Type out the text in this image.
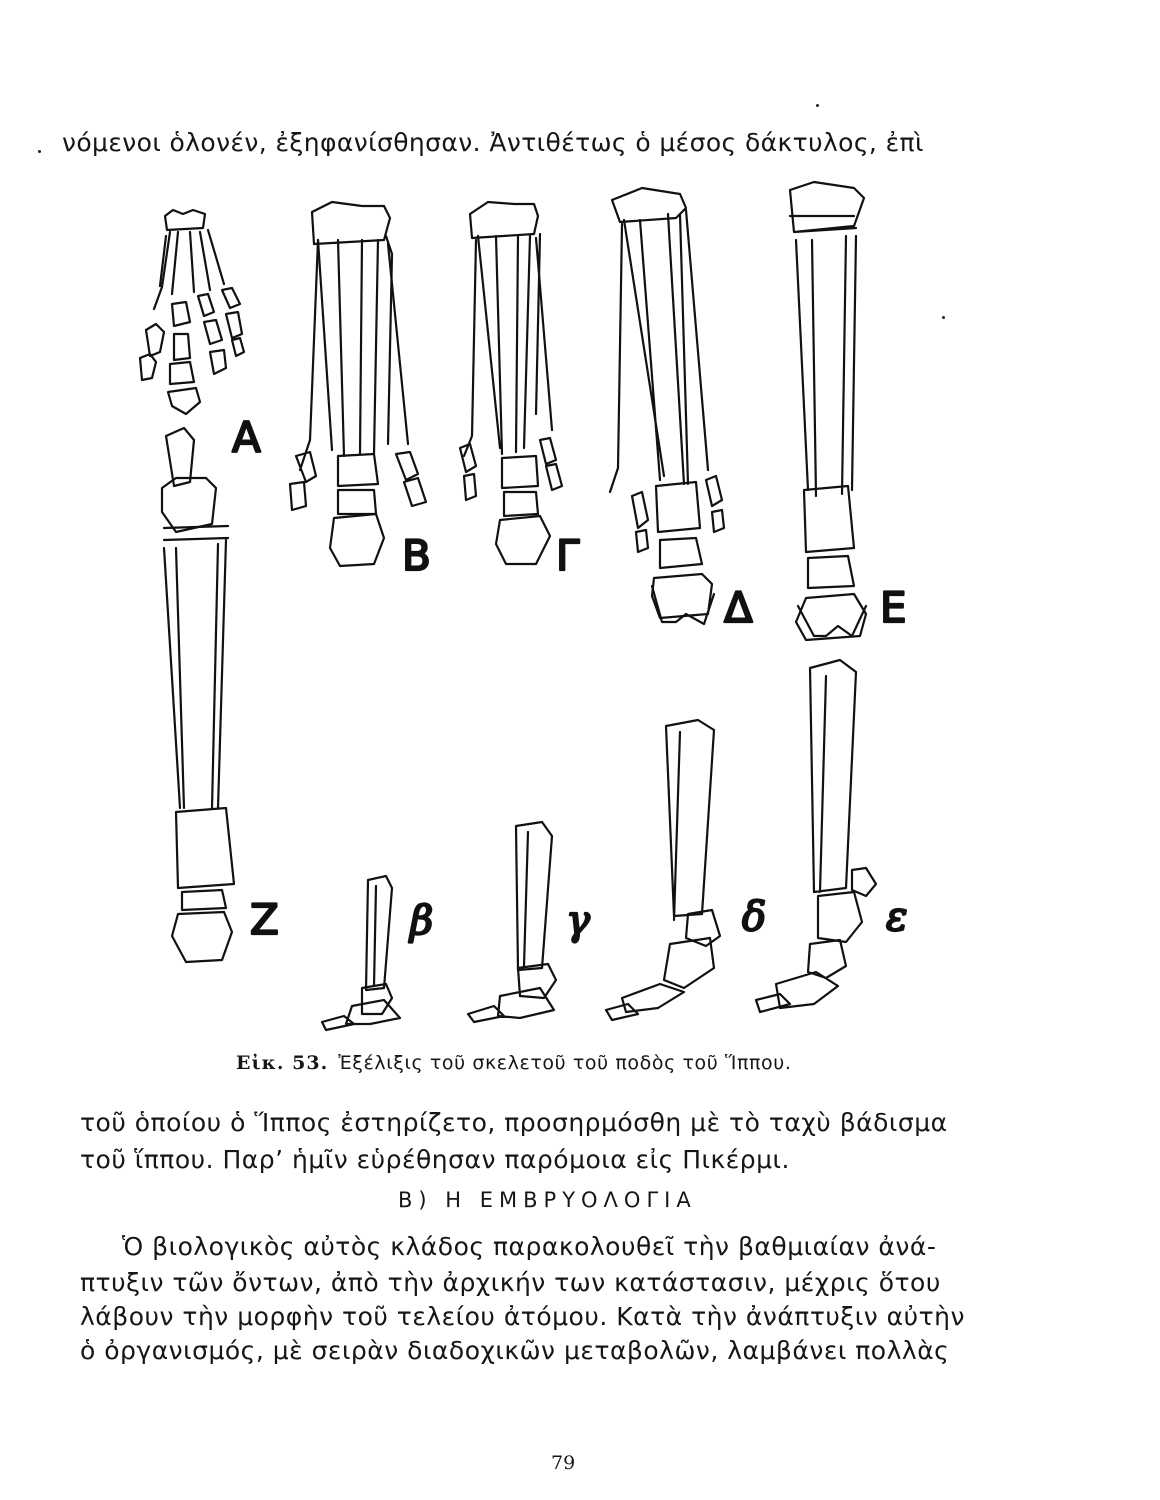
νόμενοι ὁλονέν, ἐξηφανίσθησαν. Ἀντιθέτως ὁ μέσος δάκτυλος, ἐπὶ
Α
Β	Γ
Δ	Ε
Ζ	β	γ	δ	ε
Εἰκ. 53. Ἐξέλιξις τοῦ σκελετοῦ τοῦ ποδὸς τοῦ Ἵππου.
τοῦ ὁποίου ὁ Ἵππος ἐστηρίζετο, προσηρμόσθη μὲ τὸ ταχὺ βάδισμα
τοῦ ἵππου. Παρ’ ἡμῖν εὑρέθησαν παρόμοια εἰς Πικέρμι.
Β) Η ΕΜΒΡΥΟΛΟΓΙΑ
Ὁ βιολογικὸς αὐτὸς κλάδος παρακολουθεῖ τὴν βαθμιαίαν ἀνά-
πτυξιν τῶν ὄντων, ἀπὸ τὴν ἀρχικήν των κατάστασιν, μέχρις ὅτου
λάβουν τὴν μορφὴν τοῦ τελείου ἀτόμου. Κατὰ τὴν ἀνάπτυξιν αὐτὴν
ὁ ὀργανισμός, μὲ σειρὰν διαδοχικῶν μεταβολῶν, λαμβάνει πολλὰς
79
